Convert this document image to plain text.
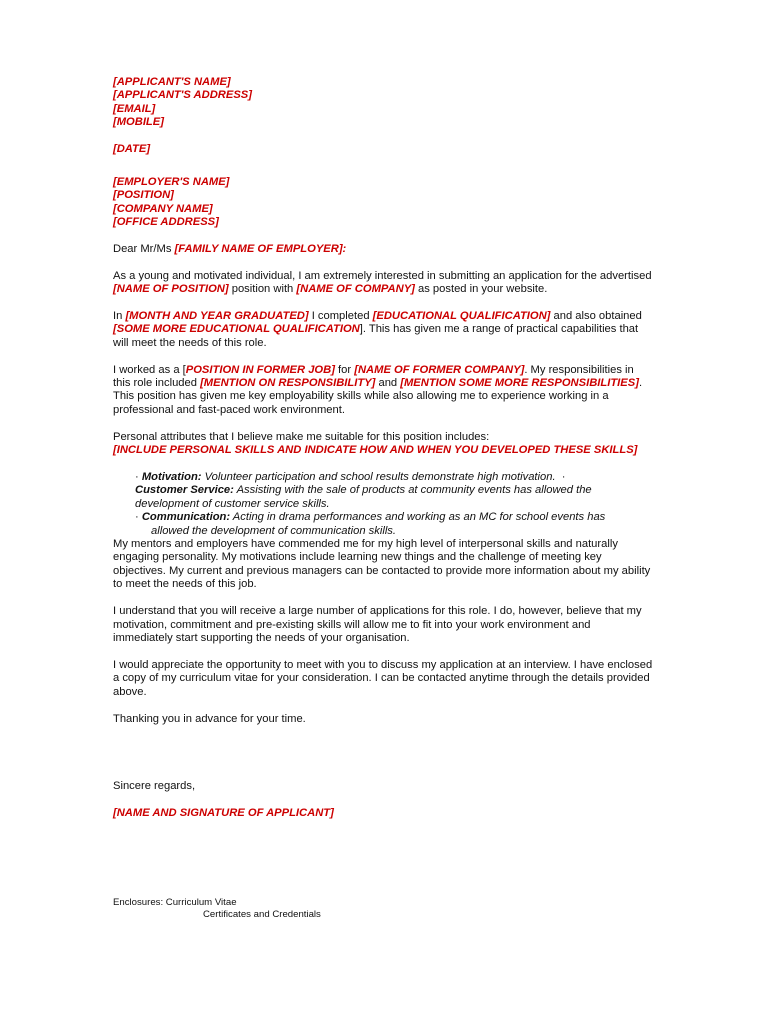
[APPLICANT'S NAME]
[APPLICANT'S ADDRESS]
[EMAIL]
[MOBILE]
[DATE]
[EMPLOYER'S NAME]
[POSITION]
[COMPANY NAME]
[OFFICE ADDRESS]

Dear Mr/Ms [FAMILY NAME OF EMPLOYER]:

As a young and motivated individual, I am extremely interested in submitting an application for the advertised [NAME OF POSITION] position with [NAME OF COMPANY] as posted in your website.

In [MONTH AND YEAR GRADUATED] I completed [EDUCATIONAL QUALIFICATION] and also obtained [SOME MORE EDUCATIONAL QUALIFICATION]. This has given me a range of practical capabilities that will meet the needs of this role.

I worked as a [POSITION IN FORMER JOB] for [NAME OF FORMER COMPANY]. My responsibilities in this role included [MENTION ON RESPONSIBILITY] and [MENTION SOME MORE RESPONSIBILITIES]. This position has given me key employability skills while also allowing me to experience working in a professional and fast-paced work environment.

Personal attributes that I believe make me suitable for this position includes:
[INCLUDE PERSONAL SKILLS AND INDICATE HOW AND WHEN YOU DEVELOPED THESE SKILLS]

· Motivation: Volunteer participation and school results demonstrate high motivation. ·
Customer Service: Assisting with the sale of products at community events has allowed the development of customer service skills.
· Communication: Acting in drama performances and working as an MC for school events has
allowed the development of communication skills.

My mentors and employers have commended me for my high level of interpersonal skills and naturally engaging personality. My motivations include learning new things and the challenge of meeting key objectives. My current and previous managers can be contacted to provide more information about my ability to meet the needs of this job.

I understand that you will receive a large number of applications for this role. I do, however, believe that my motivation, commitment and pre-existing skills will allow me to fit into your work environment and immediately start supporting the needs of your organisation.

I would appreciate the opportunity to meet with you to discuss my application at an interview. I have enclosed a copy of my curriculum vitae for your consideration. I can be contacted anytime through the details provided above.

Thanking you in advance for your time.

Sincere regards,

[NAME AND SIGNATURE OF APPLICANT]

Enclosures: Curriculum Vitae
Certificates and Credentials
